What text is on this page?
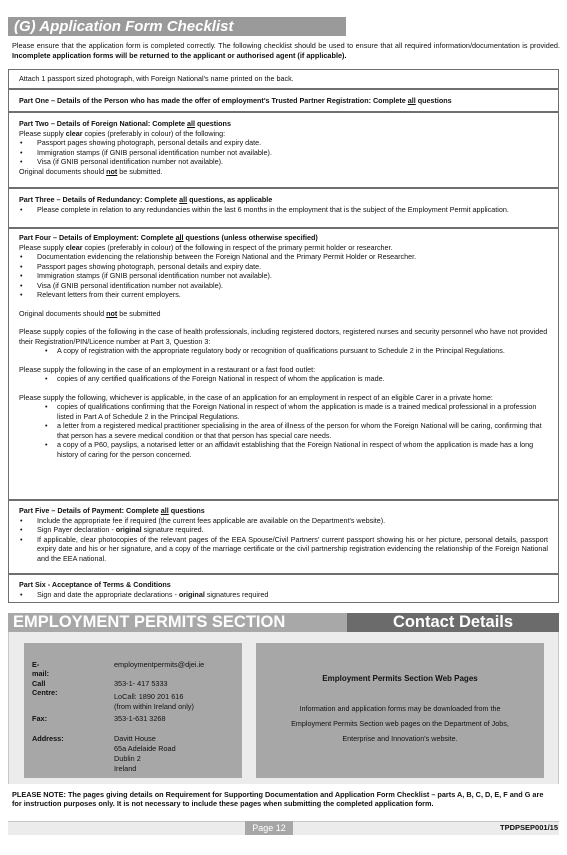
(G) Application Form Checklist
Please ensure that the application form is completed correctly. The following checklist should be used to ensure that all required information/documentation is provided. Incomplete application forms will be returned to the applicant or authorised agent (if applicable).
Attach 1 passport sized photograph, with Foreign National's name printed on the back.
Part One – Details of the Person who has made the offer of employment's Trusted Partner Registration: Complete all questions
Part Two – Details of Foreign National: Complete all questions
Please supply clear copies (preferably in colour) of the following:
• Passport pages showing photograph, personal details and expiry date.
• Immigration stamps (if GNIB personal identification number not available).
• Visa (if GNIB personal identification number not available).
Original documents should not be submitted.
Part Three – Details of Redundancy: Complete all questions, as applicable
• Please complete in relation to any redundancies within the last 6 months in the employment that is the subject of the Employment Permit application.
Part Four – Details of Employment: Complete all questions (unless otherwise specified)
Please supply clear copies (preferably in colour) of the following in respect of the primary permit holder or researcher.
• Documentation evidencing the relationship between the Foreign National and the Primary Permit Holder or Researcher.
• Passport pages showing photograph, personal details and expiry date.
• Immigration stamps (if GNIB personal identification number not available).
• Visa (if GNIB personal identification number not available).
• Relevant letters from their current employers.
Original documents should not be submitted
Please supply copies of the following in the case of health professionals, including registered doctors, registered nurses and security personnel who have not provided their Registration/PIN/Licence number at Part 3, Question 3:
• A copy of registration with the appropriate regulatory body or recognition of qualifications pursuant to Schedule 2 in the Principal Regulations.
Please supply the following in the case of an employment in a restaurant or a fast food outlet:
• copies of any certified qualifications of the Foreign National in respect of whom the application is made.
Please supply the following, whichever is applicable, in the case of an application for an employment in respect of an eligible Carer in a private home:
• copies of qualifications confirming that the Foreign National in respect of whom the application is made is a trained medical professional in a profession listed in Part A of Schedule 2 in the Principal Regulations.
• a letter from a registered medical practitioner specialising in the area of illness of the person for whom the Foreign National will be caring, confirming that that person has a severe medical condition or that that person has special care needs.
• a copy of a P60, payslips, a notarised letter or an affidavit establishing that the Foreign National in respect of whom the application is made has a long history of caring for the person concerned.
Part Five – Details of Payment: Complete all questions
• Include the appropriate fee if required (the current fees applicable are available on the Department's website).
• Sign Payer declaration - original signature required.
• If applicable, clear photocopies of the relevant pages of the EEA Spouse/Civil Partners' current passport showing his or her picture, personal details, passport expiry date and his or her signature, and a copy of the marriage certificate or the civil partnership registration evidencing the relationship of the Foreign National and the EEA national.
Part Six - Acceptance of Terms & Conditions
• Sign and date the appropriate declarations - original signatures required
EMPLOYMENT PERMITS SECTION	Contact Details
E-mail:
employmentpermits@djei.ie
Call Centre:
353-1- 417 5333
LoCall: 1890 201 616
(from within Ireland only)
Fax:	353-1-631 3268
Address:	Davitt House
65a Adelaide Road
Dublin 2
Ireland
Employment Permits Section Web Pages
Information and application forms may be downloaded from the
Employment Permits Section web pages on the Department of Jobs,
Enterprise and Innovation's website.
PLEASE NOTE: The pages giving details on Requirement for Supporting Documentation and Application Form Checklist – parts A, B, C, D, E, F and G are for instruction purposes only. It is not necessary to include these pages when submitting the completed application form.
Page 12	TPDPSEP001/15
